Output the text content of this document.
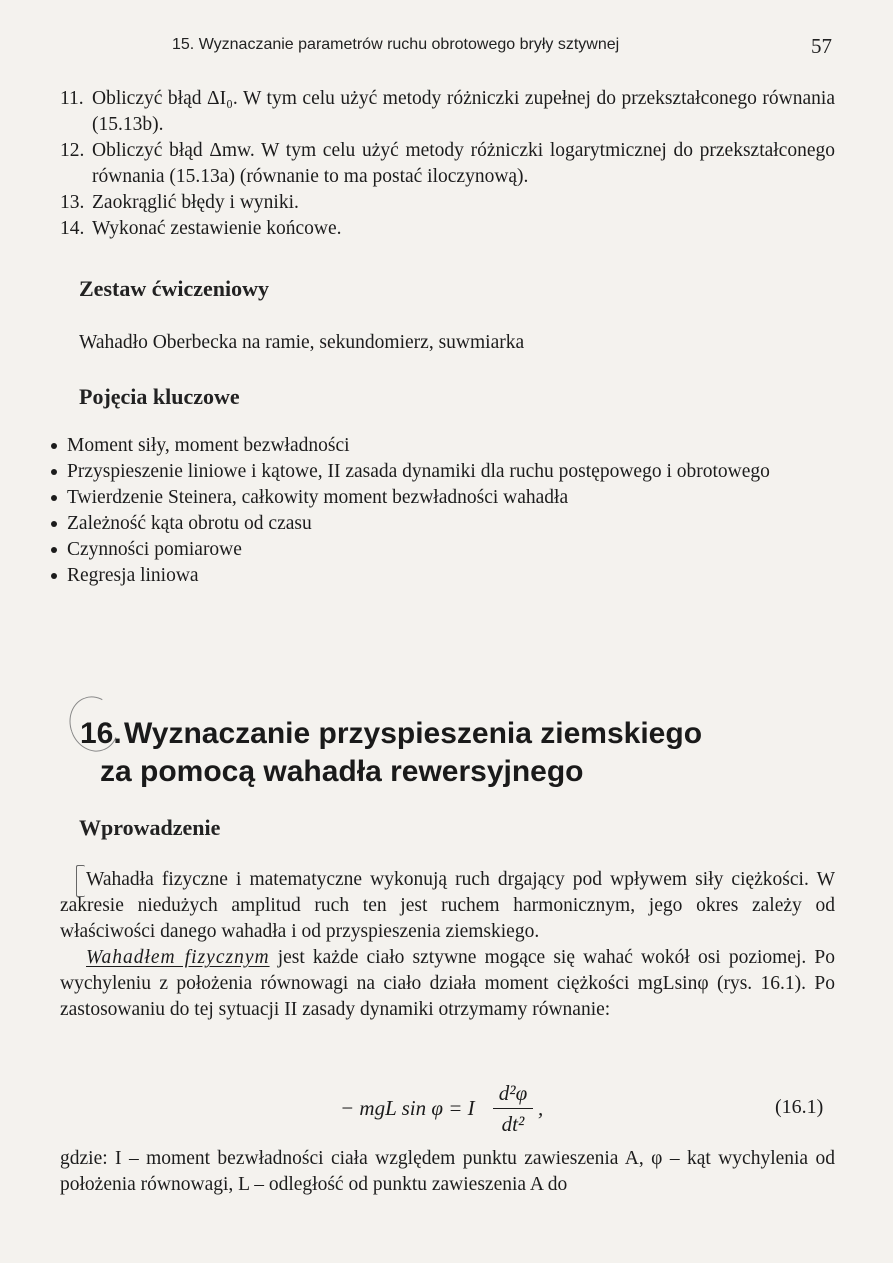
15. Wyznaczanie parametrów ruchu obrotowego bryły sztywnej	57
11. Obliczyć błąd ΔI₀. W tym celu użyć metody różniczki zupełnej do przekształconego równania (15.13b).
12. Obliczyć błąd Δmw. W tym celu użyć metody różniczki logarytmicznej do przekształconego równania (15.13a) (równanie to ma postać iloczynową).
13. Zaokrąglić błędy i wyniki.
14. Wykonać zestawienie końcowe.
Zestaw ćwiczeniowy

Wahadło Oberbecka na ramie, sekundomierz, suwmiarka

Pojęcia kluczowe
Moment siły, moment bezwładności
Przyspieszenie liniowe i kątowe, II zasada dynamiki dla ruchu postępowego i obrotowego
Twierdzenie Steinera, całkowity moment bezwładności wahadła
Zależność kąta obrotu od czasu
Czynności pomiarowe
Regresja liniowa
16. Wyznaczanie przyspieszenia ziemskiego
za pomocą wahadła rewersyjnego
Wprowadzenie

Wahadła fizyczne i matematyczne wykonują ruch drgający pod wpływem siły ciężkości. W zakresie niedużych amplitud ruch ten jest ruchem harmonicznym, jego okres zależy od właściwości danego wahadła i od przyspieszenia ziemskiego.

Wahadłem fizycznym jest każde ciało sztywne mogące się wahać wokół osi poziomej. Po wychyleniu z położenia równowagi na ciało działa moment ciężkości mgLsinφ (rys. 16.1). Po zastosowaniu do tej sytuacji II zasady dynamiki otrzymamy równanie:

− mgL sin φ = I
d²φ
dt²
,	(16.1)

gdzie: I – moment bezwładności ciała względem punktu zawieszenia A, φ – kąt wychylenia od położenia równowagi, L – odległość od punktu zawieszenia A do
